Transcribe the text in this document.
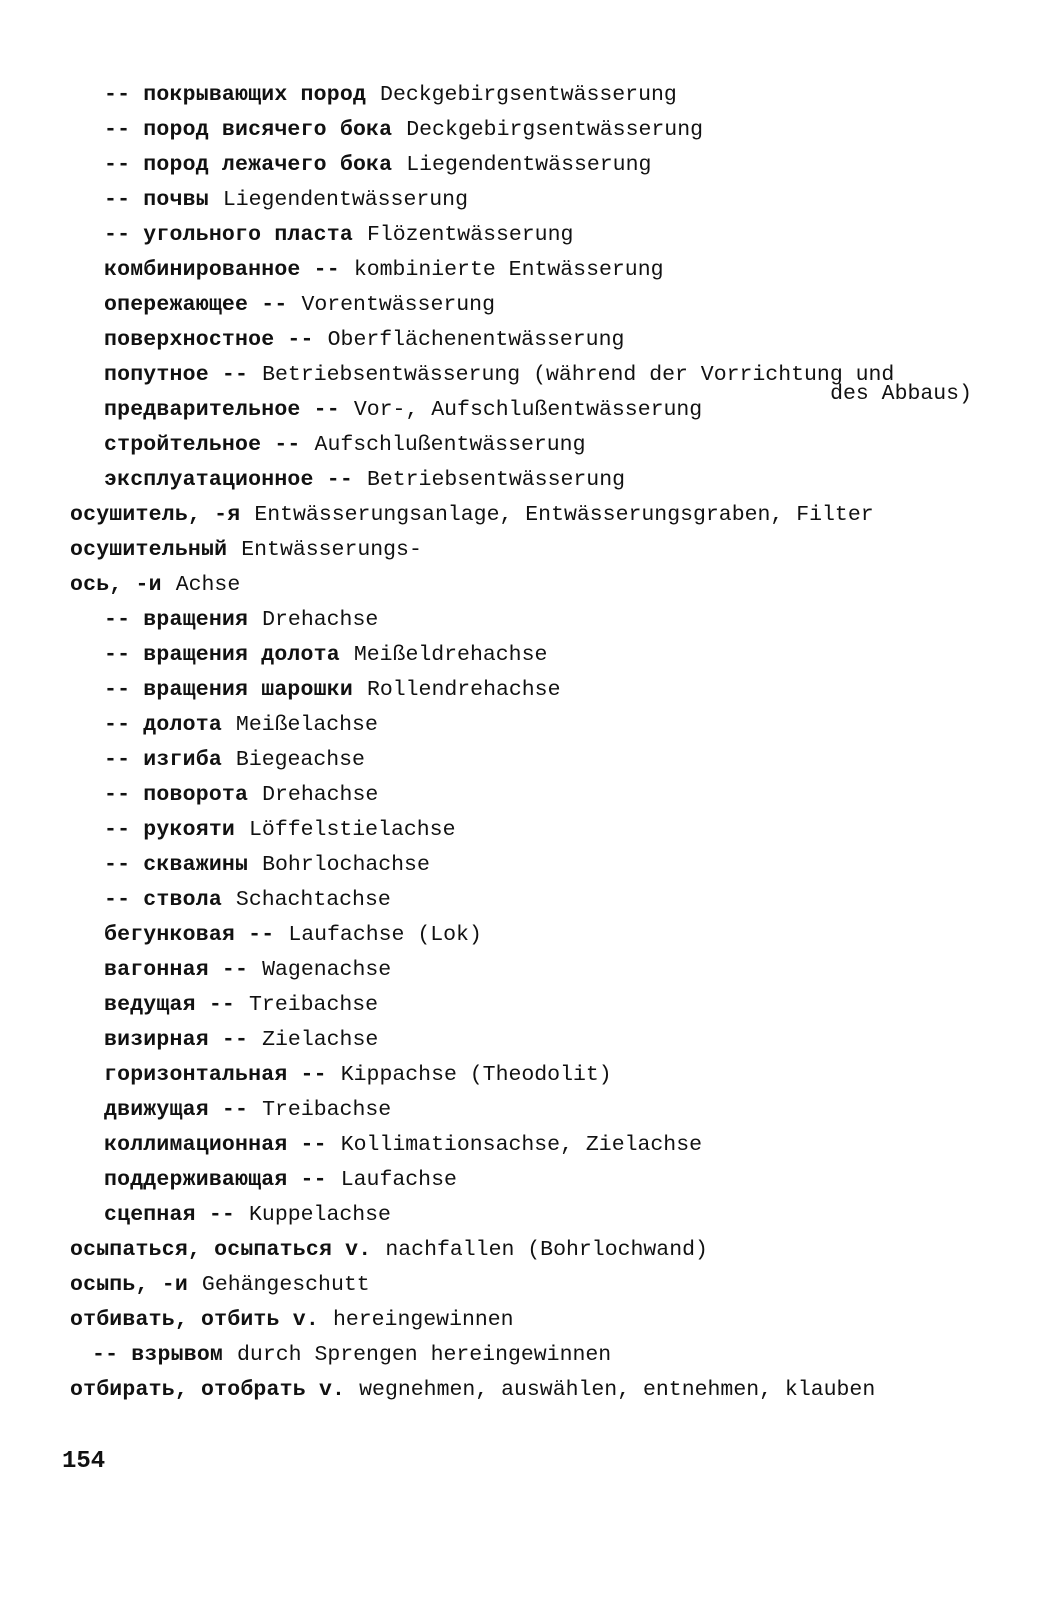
-- покрывающих пород Deckgebirgsentwässerung
-- пород висячего бока Deckgebirgsentwässerung
-- пород лежачего бока Liegendentwässerung
-- почвы Liegendentwässerung
-- угольного пласта Flözentwässerung
комбинированное -- kombinierte Entwässerung
опережающее -- Vorentwässerung
поверхностное -- Oberflächenentwässerung
попутное -- Betriebsentwässerung (während der Vorrichtung und
предварительное -- Vor-, Aufschlußentwässerung
стройтельное -- Aufschlußentwässerung
эксплуатационное -- Betriebsentwässerung
осушитель, -я Entwässerungsanlage, Entwässerungsgraben, Filter
осушительный Entwässerungs-
ось, -и Achse
-- вращения Drehachse
-- вращения долота Meißeldrehachse
-- вращения шарошки Rollendrehachse
-- долота Meißelachse
-- изгиба Biegeachse
-- поворота Drehachse
-- рукояти Löffelstielachse
-- скважины Bohrlochachse
-- ствола Schachtachse
бегунковая -- Laufachse (Lok)
вагонная -- Wagenachse
ведущая -- Treibachse
визирная -- Zielachse
горизонтальная -- Kippachse (Theodolit)
движущая -- Treibachse
коллимационная -- Kollimationsachse, Zielachse
поддерживающая -- Laufachse
сцепная -- Kuppelachse
осыпаться, осыпаться v. nachfallen (Bohrlochwand)
осыпь, -и Gehängeschutt
отбивать, отбить v. hereingewinnen
-- взрывом durch Sprengen hereingewinnen
отбирать, отобрать v. wegnehmen, auswählen, entnehmen, klauben
des Abbaus)
154
